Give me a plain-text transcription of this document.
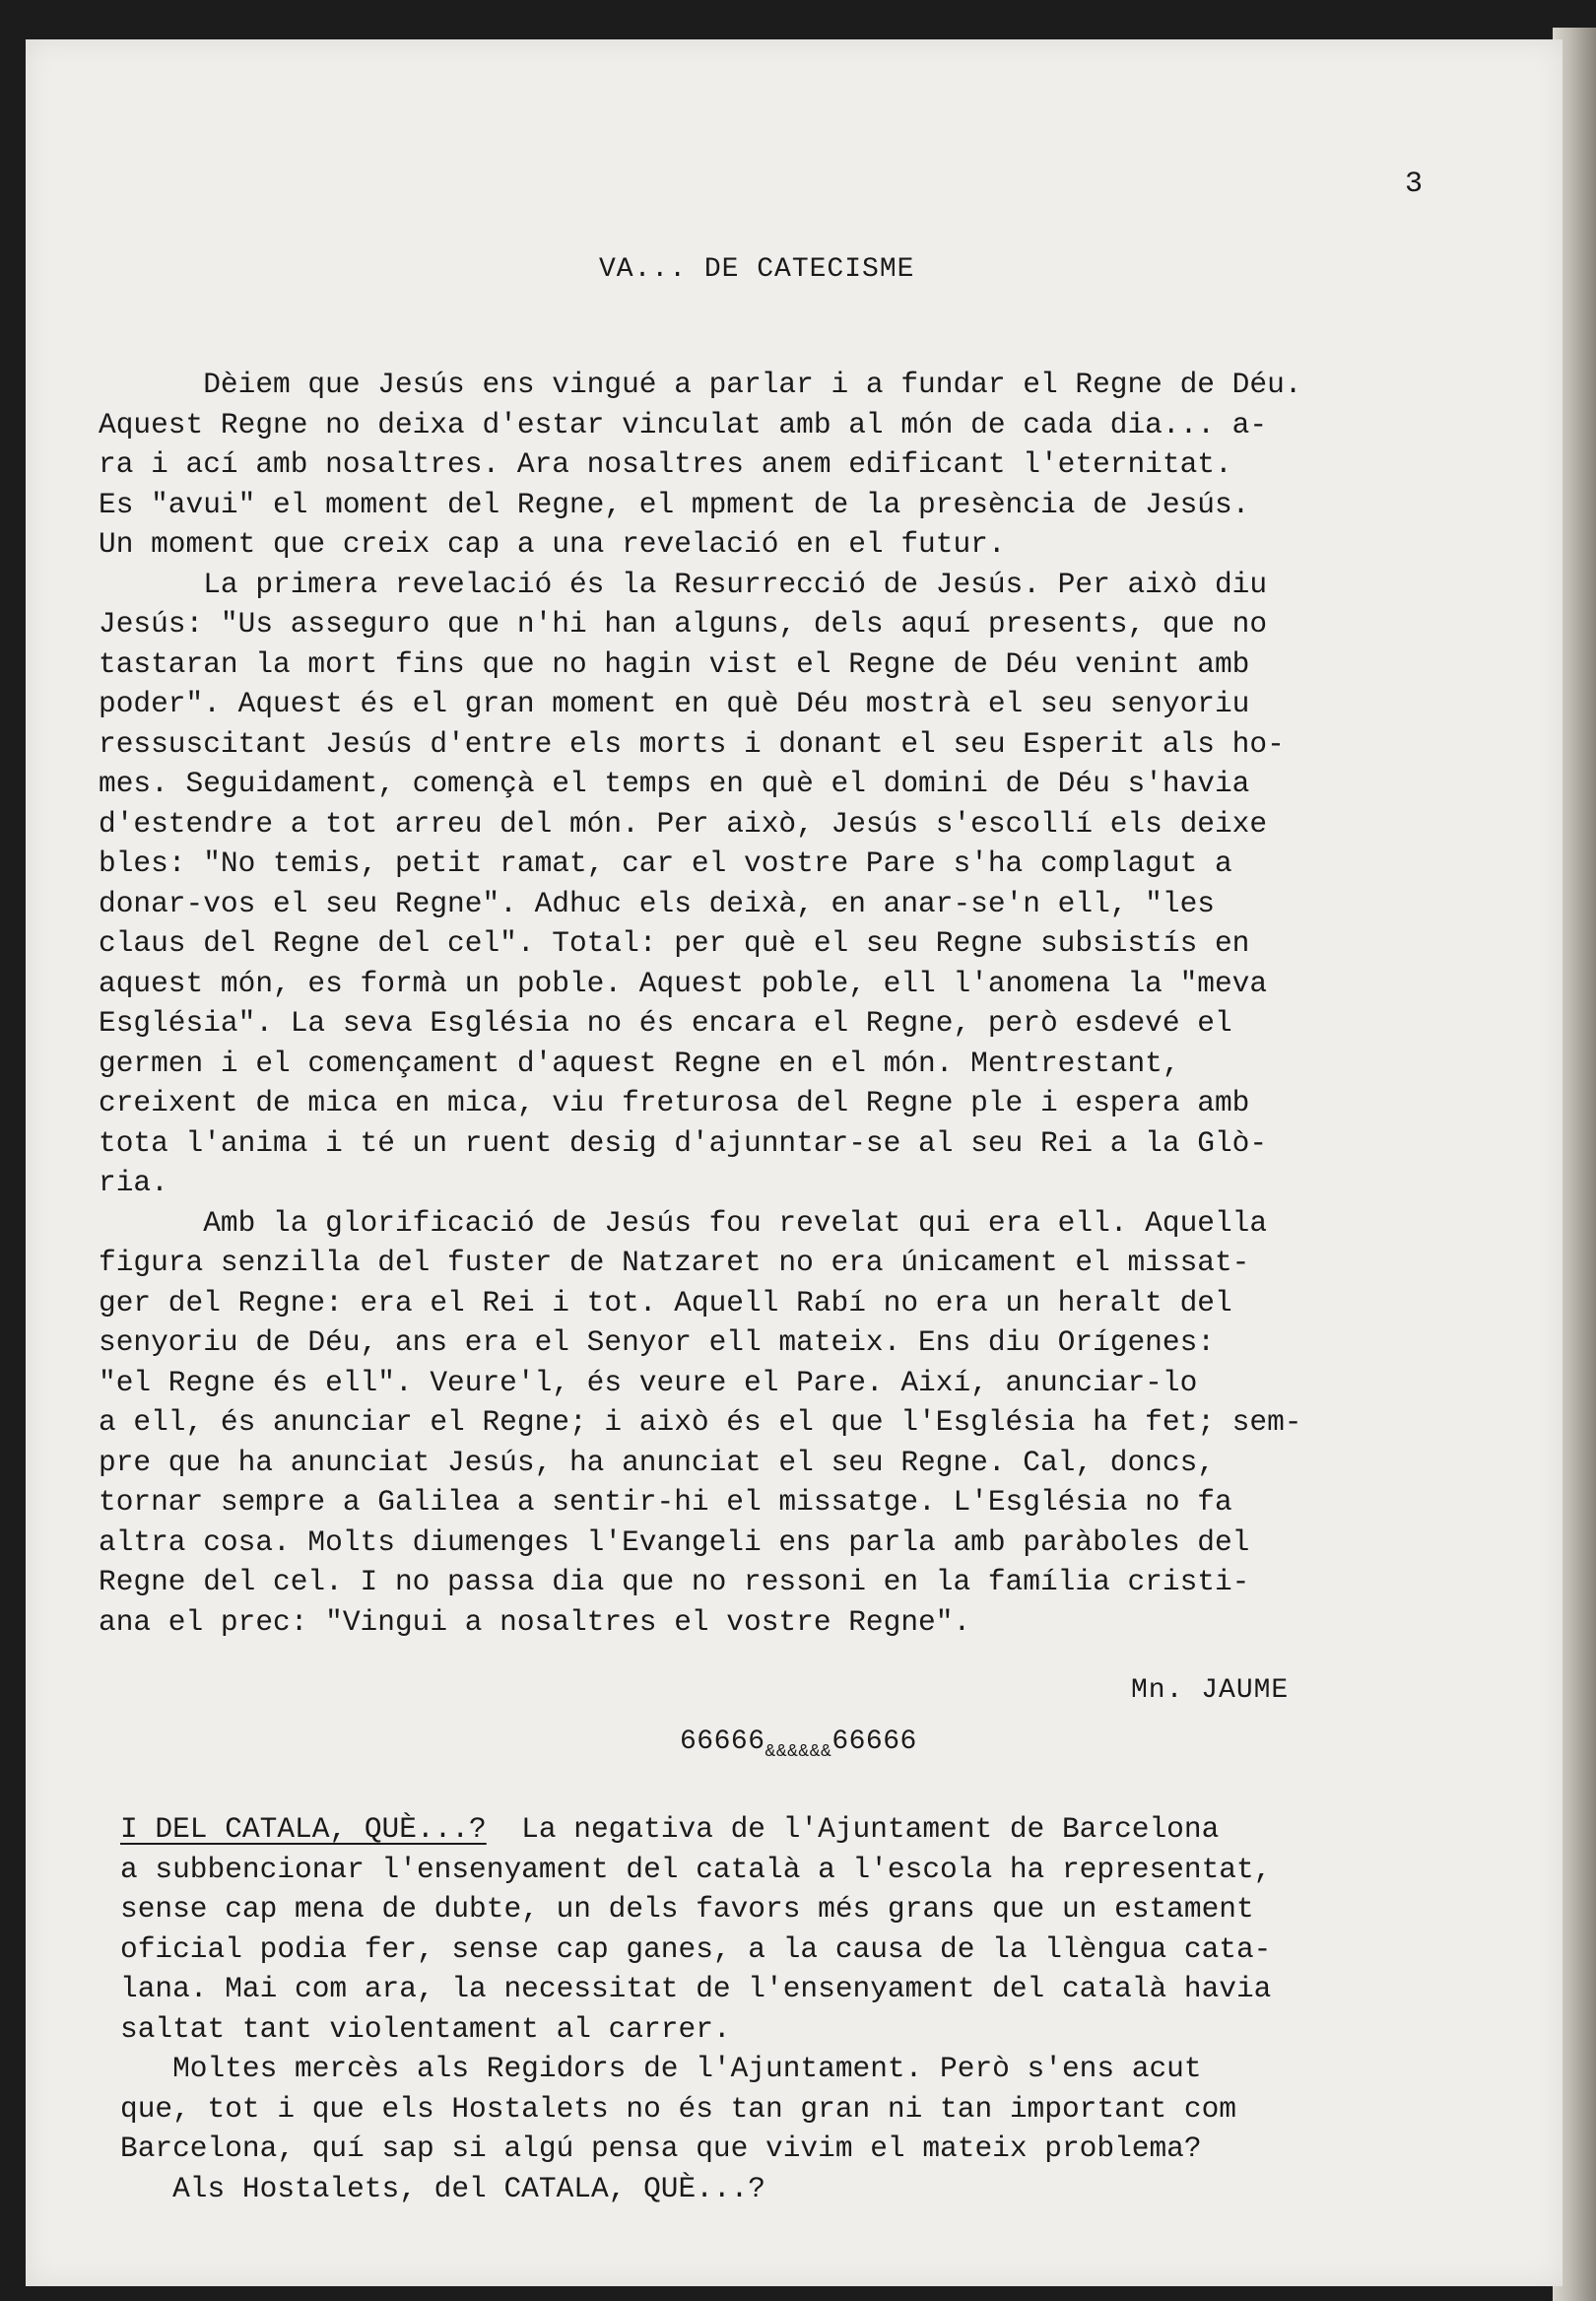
3
VA... DE CATECISME
Dèiem que Jesús ens vingué a parlar i a fundar el Regne de Déu.
Aquest Regne no deixa d'estar vinculat amb al món de cada dia... a-
ra i ací amb nosaltres. Ara nosaltres anem edificant l'eternitat.
Es "avui" el moment del Regne, el mpment de la presència de Jesús.
Un moment que creix cap a una revelació en el futur.
La primera revelació és la Resurrecció de Jesús. Per això diu
Jesús: "Us asseguro que n'hi han alguns, dels aquí presents, que no
tastaran la mort fins que no hagin vist el Regne de Déu venint amb
poder". Aquest és el gran moment en què Déu mostrà el seu senyoriu
ressuscitant Jesús d'entre els morts i donant el seu Esperit als ho-
mes. Seguidament, començà el temps en què el domini de Déu s'havia
d'estendre a tot arreu del món. Per això, Jesús s'escollí els deixe
bles: "No temis, petit ramat, car el vostre Pare s'ha complagut a
donar-vos el seu Regne". Adhuc els deixà, en anar-se'n ell, "les
claus del Regne del cel". Total: per què el seu Regne subsistís en
aquest món, es formà un poble. Aquest poble, ell l'anomena la "meva
Església". La seva Església no és encara el Regne, però esdevé el
germen i el començament d'aquest Regne en el món. Mentrestant,
creixent de mica en mica, viu freturosa del Regne ple i espera amb
tota l'anima i té un ruent desig d'ajunntar-se al seu Rei a la Glò-
ria.
Amb la glorificació de Jesús fou revelat qui era ell. Aquella
figura senzilla del fuster de Natzaret no era únicament el missat-
ger del Regne: era el Rei i tot. Aquell Rabí no era un heralt del
senyoriu de Déu, ans era el Senyor ell mateix. Ens diu Orígenes:
"el Regne és ell". Veure'l, és veure el Pare. Així, anunciar-lo
a ell, és anunciar el Regne; i això és el que l'Església ha fet; sem-
pre que ha anunciat Jesús, ha anunciat el seu Regne. Cal, doncs,
tornar sempre a Galilea a sentir-hi el missatge. L'Església no fa
altra cosa. Molts diumenges l'Evangeli ens parla amb paràboles del
Regne del cel. I no passa dia que no ressoni en la família cristi-
ana el prec: "Vingui a nosaltres el vostre Regne".
Mn. JAUME
$66666_{\&\&\&\&\&\&}66666$
I DEL CATALA, QUÈ...?  La negativa de l'Ajuntament de Barcelona
a subbencionar l'ensenyament del català a l'escola ha representat,
sense cap mena de dubte, un dels favors més grans que un estament
oficial podia fer, sense cap ganes, a la causa de la llèngua cata-
lana. Mai com ara, la necessitat de l'ensenyament del català havia
saltat tant violentament al carrer.
Moltes mercès als Regidors de l'Ajuntament. Però s'ens acut
que, tot i que els Hostalets no és tan gran ni tan important com
Barcelona, quí sap si algú pensa que vivim el mateix problema?
Als Hostalets, del CATALA, QUÈ...?
